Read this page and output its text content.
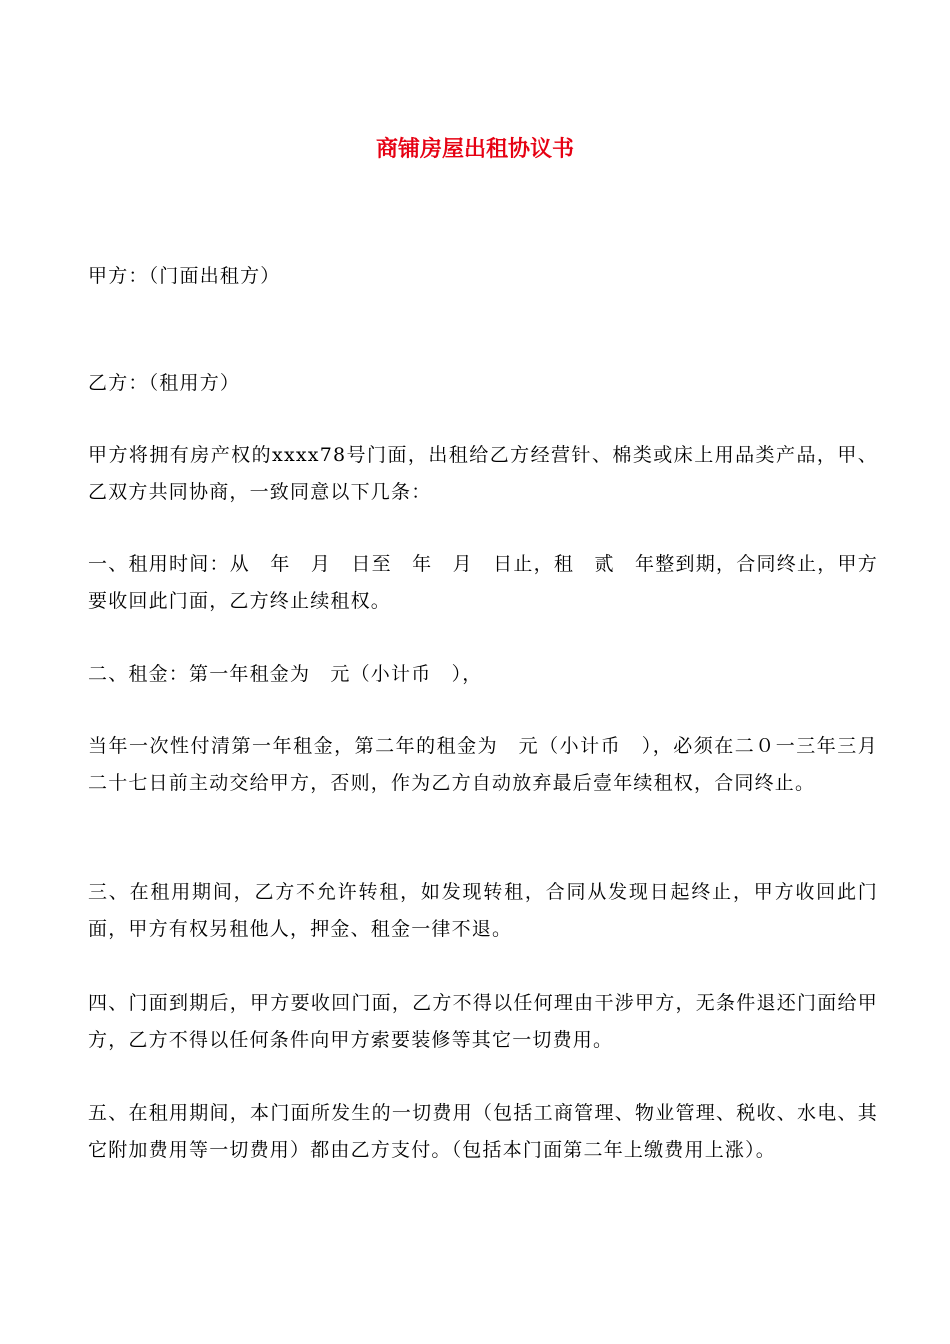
商铺房屋出租协议书

甲方：（门面出租方）

乙方：（租用方）

甲方将拥有房产权的xxxx78号门面，出租给乙方经营针、棉类或床上用品类产品，甲、乙双方共同协商，一致同意以下几条：

一、租用时间：从　年　月　日至　年　月　日止，租　贰　年整到期，合同终止，甲方要收回此门面，乙方终止续租权。

二、租金：第一年租金为　元（小计币　），

当年一次性付清第一年租金，第二年的租金为　元（小计币　），必须在二０一三年三月二十七日前主动交给甲方，否则，作为乙方自动放弃最后壹年续租权，合同终止。

三、在租用期间，乙方不允许转租，如发现转租，合同从发现日起终止，甲方收回此门面，甲方有权另租他人，押金、租金一律不退。

四、门面到期后，甲方要收回门面，乙方不得以任何理由干涉甲方，无条件退还门面给甲方，乙方不得以任何条件向甲方索要装修等其它一切费用。

五、在租用期间，本门面所发生的一切费用（包括工商管理、物业管理、税收、水电、其它附加费用等一切费用）都由乙方支付。（包括本门面第二年上缴费用上涨）。
